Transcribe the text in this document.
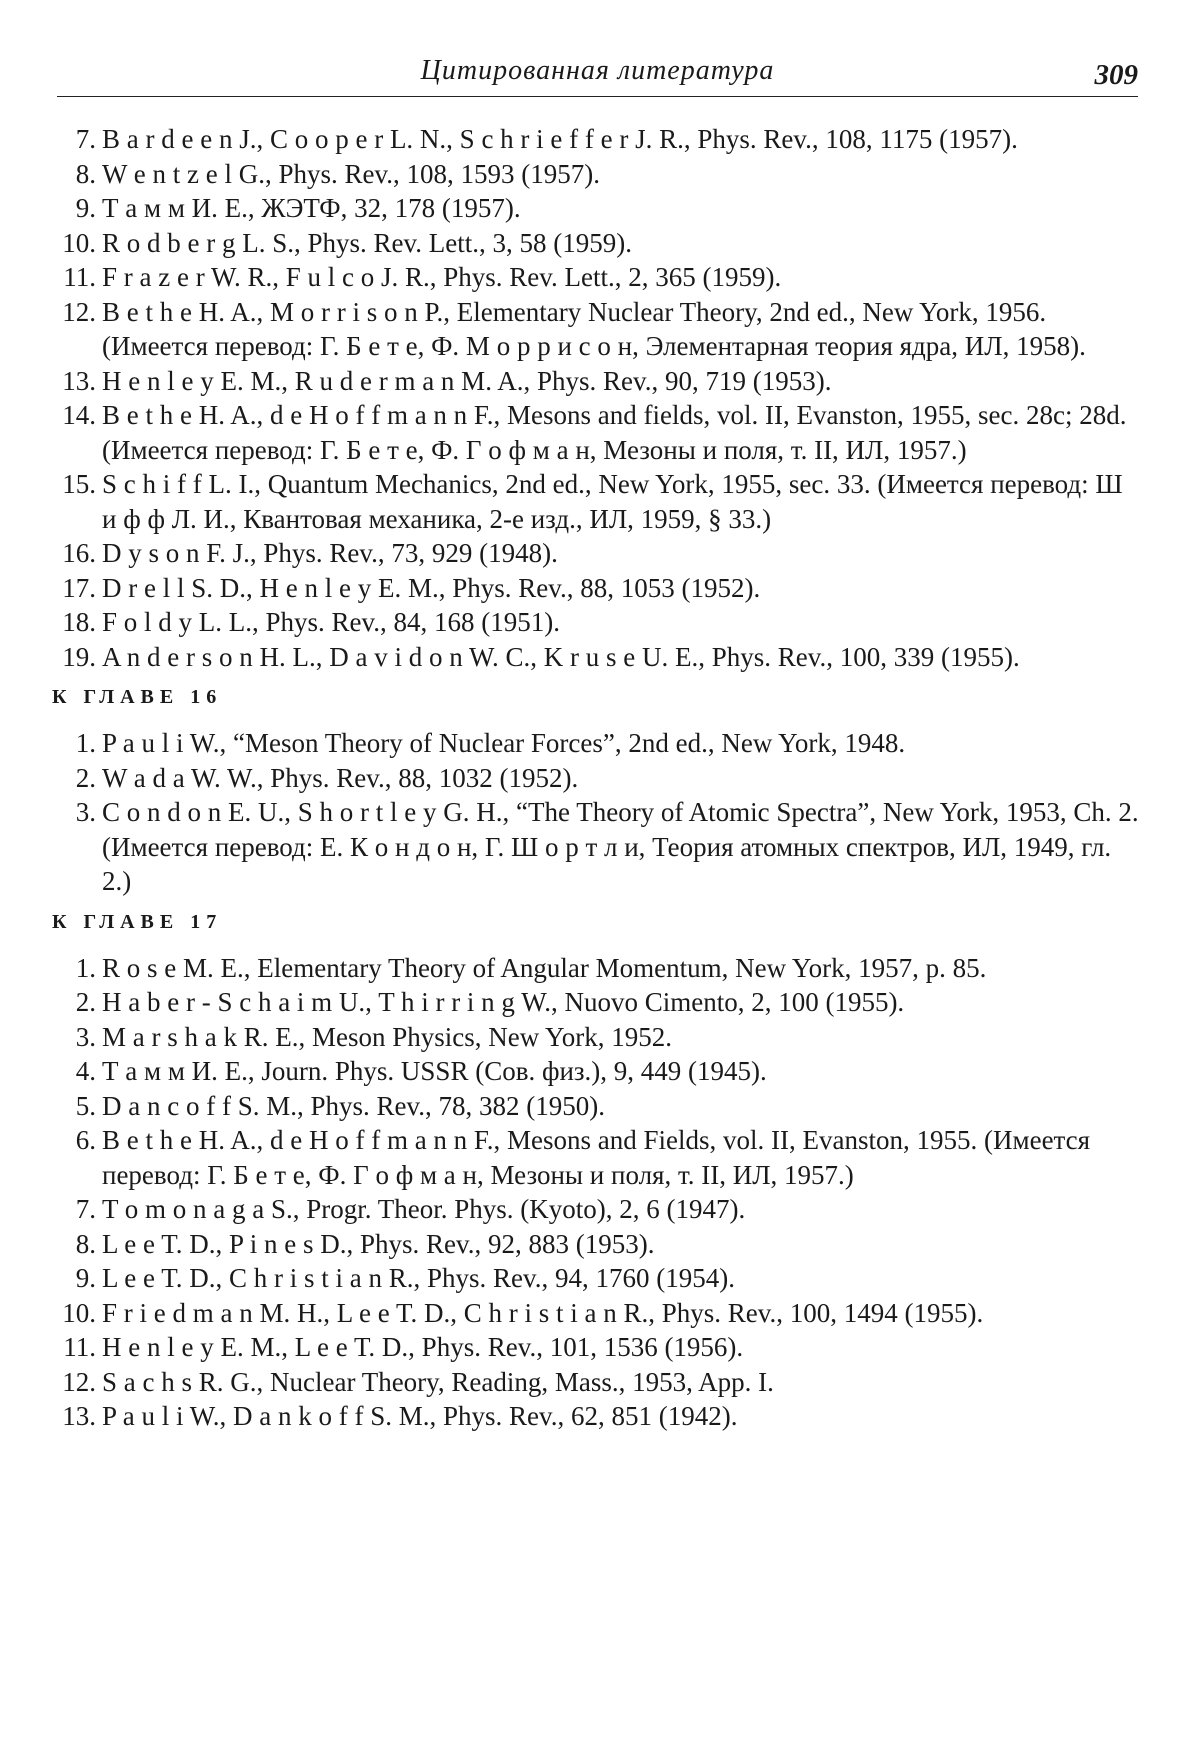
Цитированная литература	309
7. B a r d e e n J., C o o p e r L. N., S c h r i e f f e r J. R., Phys. Rev., 108, 1175 (1957).
8. W e n t z e l G., Phys. Rev., 108, 1593 (1957).
9. Т а м м И. Е., ЖЭТФ, 32, 178 (1957).
10. R o d b e r g L. S., Phys. Rev. Lett., 3, 58 (1959).
11. F r a z e r W. R., F u l c o J. R., Phys. Rev. Lett., 2, 365 (1959).
12. B e t h e H. A., M o r r i s o n P., Elementary Nuclear Theory, 2nd ed., New York, 1956. (Имеется перевод: Г. Б е т е, Ф. М о р р и с о н, Элементарная теория ядра, ИЛ, 1958).
13. H e n l e y E. M., R u d e r m a n M. A., Phys. Rev., 90, 719 (1953).
14. B e t h e H. A., d e H o f f m a n n F., Mesons and fields, vol. II, Evanston, 1955, sec. 28c; 28d. (Имеется перевод: Г. Б е т е, Ф. Г о ф м а н, Мезоны и поля, т. II, ИЛ, 1957.)
15. S c h i f f L. I., Quantum Mechanics, 2nd ed., New York, 1955, sec. 33. (Имеется перевод: Ш и ф ф Л. И., Квантовая механика, 2-е изд., ИЛ, 1959, § 33.)
16. D y s o n F. J., Phys. Rev., 73, 929 (1948).
17. D r e l l S. D., H e n l e y E. M., Phys. Rev., 88, 1053 (1952).
18. F o l d y L. L., Phys. Rev., 84, 168 (1951).
19. A n d e r s o n H. L., D a v i d o n W. C., K r u s e U. E., Phys. Rev., 100, 339 (1955).
К ГЛАВЕ 16
1. P a u l i W., “Meson Theory of Nuclear Forces”, 2nd ed., New York, 1948.
2. W a d a W. W., Phys. Rev., 88, 1032 (1952).
3. C o n d o n E. U., S h o r t l e y G. H., “The Theory of Atomic Spectra”, New York, 1953, Ch. 2. (Имеется перевод: Е. К о н д о н, Г. Ш о р т л и, Теория атомных спектров, ИЛ, 1949, гл. 2.)
К ГЛАВЕ 17
1. R o s e M. E., Elementary Theory of Angular Momentum, New York, 1957, p. 85.
2. H a b e r - S c h a i m U., T h i r r i n g W., Nuovo Cimento, 2, 100 (1955).
3. M a r s h a k R. E., Meson Physics, New York, 1952.
4. Т а м м И. Е., Journ. Phys. USSR (Сов. физ.), 9, 449 (1945).
5. D a n c o f f S. M., Phys. Rev., 78, 382 (1950).
6. B e t h e H. A., d e H o f f m a n n F., Mesons and Fields, vol. II, Evanston, 1955. (Имеется перевод: Г. Б е т е, Ф. Г о ф м а н, Мезоны и поля, т. II, ИЛ, 1957.)
7. T o m o n a g a S., Progr. Theor. Phys. (Kyoto), 2, 6 (1947).
8. L e e T. D., P i n e s D., Phys. Rev., 92, 883 (1953).
9. L e e T. D., C h r i s t i a n R., Phys. Rev., 94, 1760 (1954).
10. F r i e d m a n M. H., L e e T. D., C h r i s t i a n R., Phys. Rev., 100, 1494 (1955).
11. H e n l e y E. M., L e e T. D., Phys. Rev., 101, 1536 (1956).
12. S a c h s R. G., Nuclear Theory, Reading, Mass., 1953, App. I.
13. P a u l i W., D a n k o f f S. M., Phys. Rev., 62, 851 (1942).
